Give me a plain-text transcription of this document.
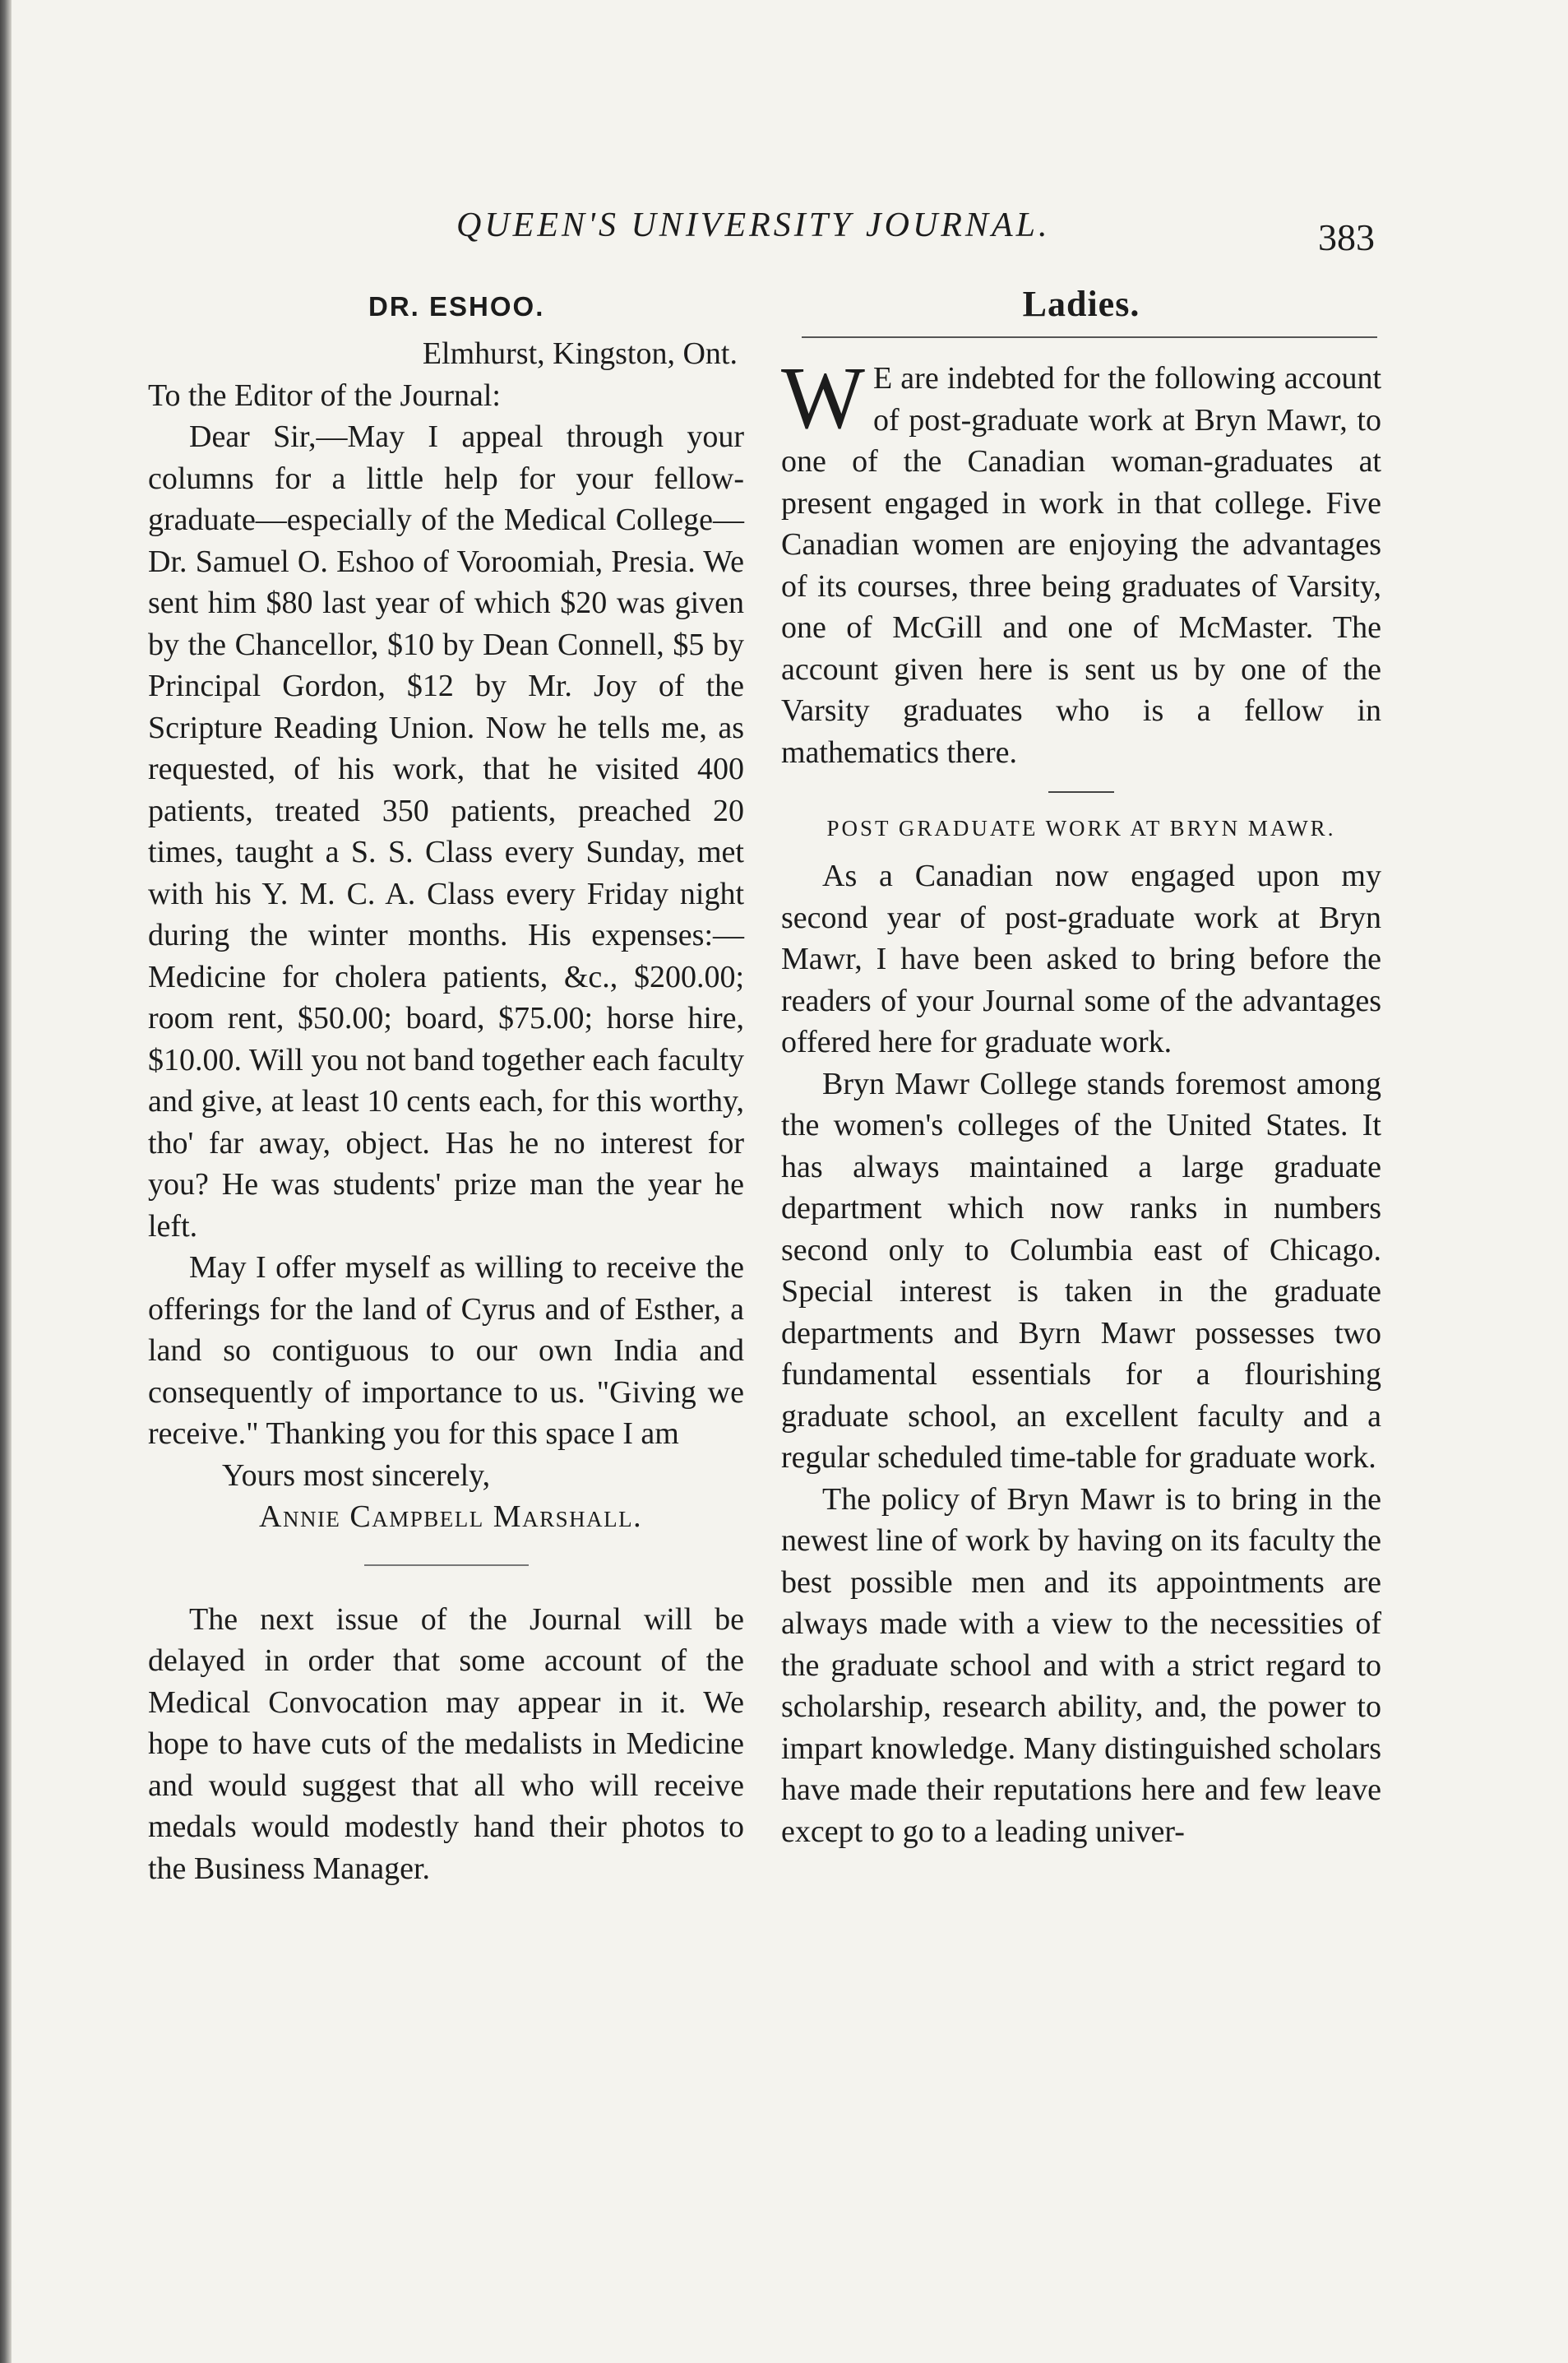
QUEEN'S UNIVERSITY JOURNAL.	383
DR. ESHOO.
Elmhurst, Kingston, Ont.
To the Editor of the Journal:

Dear Sir,—May I appeal through your columns for a little help for your fellow-graduate—especially of the Medical College—Dr. Samuel O. Eshoo of Voroomiah, Presia. We sent him $80 last year of which $20 was given by the Chancellor, $10 by Dean Connell, $5 by Principal Gordon, $12 by Mr. Joy of the Scripture Reading Union. Now he tells me, as requested, of his work, that he visited 400 patients, treated 350 patients, preached 20 times, taught a S. S. Class every Sunday, met with his Y. M. C. A. Class every Friday night during the winter months. His expenses:—Medicine for cholera patients, &c., $200.00; room rent, $50.00; board, $75.00; horse hire, $10.00. Will you not band together each faculty and give, at least 10 cents each, for this worthy, tho' far away, object. Has he no interest for you? He was students' prize man the year he left.

May I offer myself as willing to receive the offerings for the land of Cyrus and of Esther, a land so contiguous to our own India and consequently of importance to us. "Giving we receive." Thanking you for this space I am

Yours most sincerely,
Annie Campbell Marshall.

The next issue of the Journal will be delayed in order that some account of the Medical Convocation may appear in it. We hope to have cuts of the medalists in Medicine and would suggest that all who will receive medals would modestly hand their photos to the Business Manager.

Ladies.

W E are indebted for the following account of post-graduate work at Bryn Mawr, to one of the Canadian woman-graduates at present engaged in work in that college. Five Canadian women are enjoying the advantages of its courses, three being graduates of Varsity, one of McGill and one of McMaster. The account given here is sent us by one of the Varsity graduates who is a fellow in mathematics there.

POST GRADUATE WORK AT BRYN MAWR.

As a Canadian now engaged upon my second year of post-graduate work at Bryn Mawr, I have been asked to bring before the readers of your Journal some of the advantages offered here for graduate work.

Bryn Mawr College stands foremost among the women's colleges of the United States. It has always maintained a large graduate department which now ranks in numbers second only to Columbia east of Chicago. Special interest is taken in the graduate departments and Byrn Mawr possesses two fundamental essentials for a flourishing graduate school, an excellent faculty and a regular scheduled time-table for graduate work.

The policy of Bryn Mawr is to bring in the newest line of work by having on its faculty the best possible men and its appointments are always made with a view to the necessities of the graduate school and with a strict regard to scholarship, research ability, and, the power to impart knowledge. Many distinguished scholars have made their reputations here and few leave except to go to a leading univer-
